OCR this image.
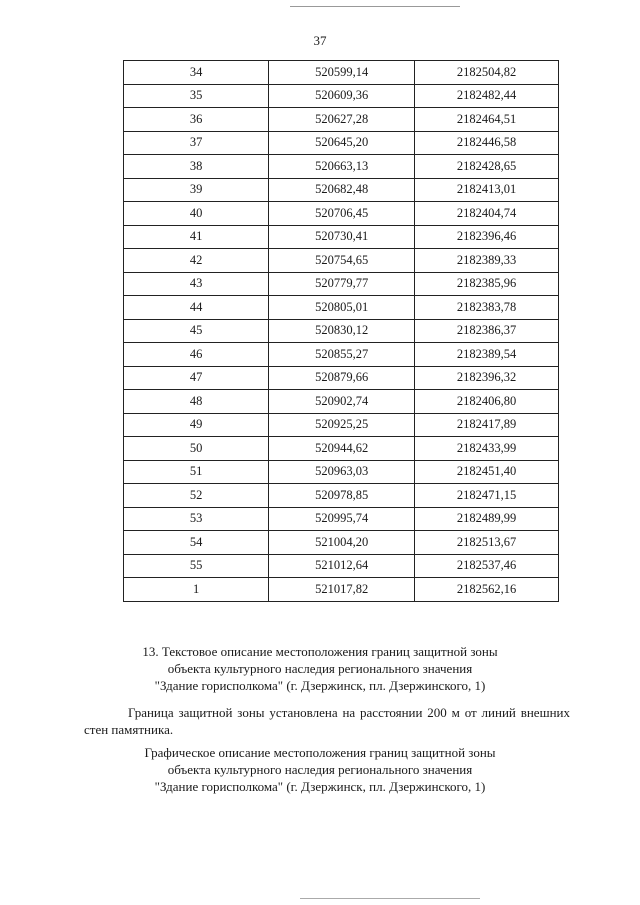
37
34	520599,14	2182504,82
35	520609,36	2182482,44
36	520627,28	2182464,51
37	520645,20	2182446,58
38	520663,13	2182428,65
39	520682,48	2182413,01
40	520706,45	2182404,74
41	520730,41	2182396,46
42	520754,65	2182389,33
43	520779,77	2182385,96
44	520805,01	2182383,78
45	520830,12	2182386,37
46	520855,27	2182389,54
47	520879,66	2182396,32
48	520902,74	2182406,80
49	520925,25	2182417,89
50	520944,62	2182433,99
51	520963,03	2182451,40
52	520978,85	2182471,15
53	520995,74	2182489,99
54	521004,20	2182513,67
55	521012,64	2182537,46
1	521017,82	2182562,16
13. Текстовое описание местоположения границ защитной зоны
объекта культурного наследия регионального значения
"Здание горисполкома" (г. Дзержинск, пл. Дзержинского, 1)
Граница защитной зоны установлена на расстоянии 200 м от линий внешних стен памятника.
Графическое описание местоположения границ защитной зоны
объекта культурного наследия регионального значения
"Здание горисполкома" (г. Дзержинск, пл. Дзержинского, 1)
